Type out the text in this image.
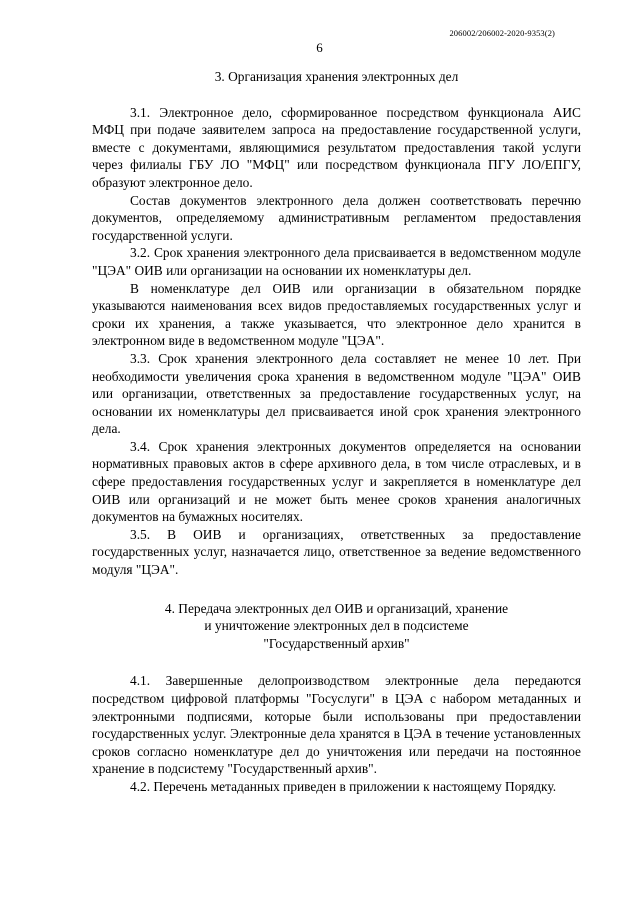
206002/206002-2020-9353(2)
6

3. Организация хранения электронных дел

3.1. Электронное дело, сформированное посредством функционала АИС МФЦ при подаче заявителем запроса на предоставление государственной услуги, вместе с документами, являющимися результатом предоставления такой услуги через филиалы ГБУ ЛО "МФЦ" или посредством функционала ПГУ ЛО/ЕПГУ, образуют электронное дело.

Состав документов электронного дела должен соответствовать перечню документов, определяемому административным регламентом предоставления государственной услуги.

3.2. Срок хранения электронного дела присваивается в ведомственном модуле "ЦЭА" ОИВ или организации на основании их номенклатуры дел.

В номенклатуре дел ОИВ или организации в обязательном порядке указываются наименования всех видов предоставляемых государственных услуг и сроки их хранения, а также указывается, что электронное дело хранится в электронном виде в ведомственном модуле "ЦЭА".

3.3. Срок хранения электронного дела составляет не менее 10 лет. При необходимости увеличения срока хранения в ведомственном модуле "ЦЭА" ОИВ или организации, ответственных за предоставление государственных услуг, на основании их номенклатуры дел присваивается иной срок хранения электронного дела.

3.4. Срок хранения электронных документов определяется на основании нормативных правовых актов в сфере архивного дела, в том числе отраслевых, и в сфере предоставления государственных услуг и закрепляется в номенклатуре дел ОИВ или организаций и не может быть менее сроков хранения аналогичных документов на бумажных носителях.

3.5. В ОИВ и организациях, ответственных за предоставление государственных услуг, назначается лицо, ответственное за ведение ведомственного модуля "ЦЭА".

4. Передача электронных дел ОИВ и организаций, хранение
и уничтожение электронных дел в подсистеме
"Государственный архив"

4.1. Завершенные делопроизводством электронные дела передаются посредством цифровой платформы "Госуслуги" в ЦЭА с набором метаданных и электронными подписями, которые были использованы при предоставлении государственных услуг. Электронные дела хранятся в ЦЭА в течение установленных сроков согласно номенклатуре дел до уничтожения или передачи на постоянное хранение в подсистему "Государственный архив".

4.2. Перечень метаданных приведен в приложении к настоящему Порядку.
